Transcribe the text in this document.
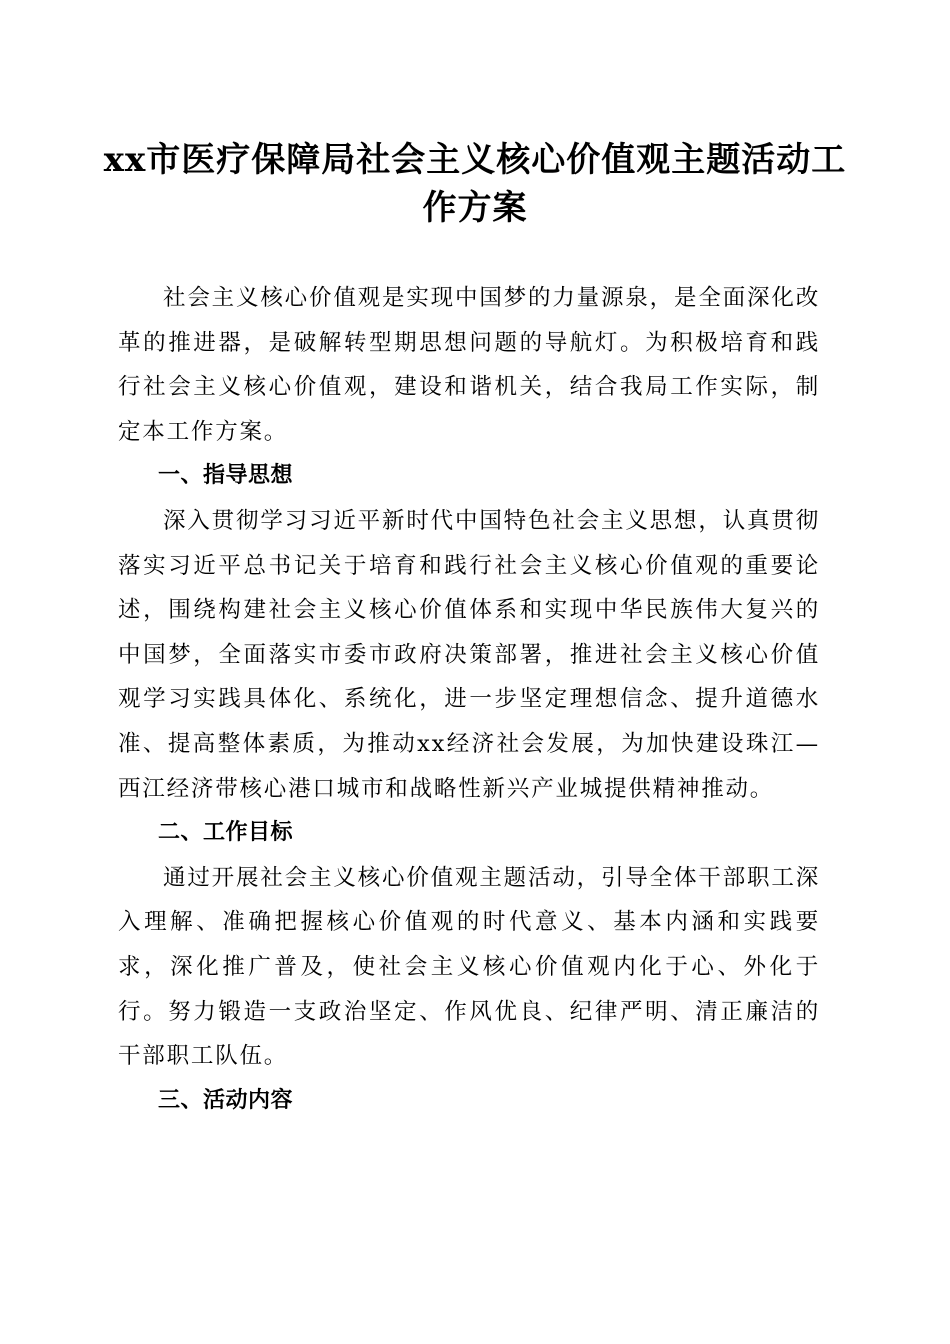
xx市医疗保障局社会主义核心价值观主题活动工作方案

社会主义核心价值观是实现中国梦的力量源泉，是全面深化改革的推进器，是破解转型期思想问题的导航灯。为积极培育和践行社会主义核心价值观，建设和谐机关，结合我局工作实际，制定本工作方案。

一、指导思想

深入贯彻学习习近平新时代中国特色社会主义思想，认真贯彻落实习近平总书记关于培育和践行社会主义核心价值观的重要论述，围绕构建社会主义核心价值体系和实现中华民族伟大复兴的中国梦，全面落实市委市政府决策部署，推进社会主义核心价值观学习实践具体化、系统化，进一步坚定理想信念、提升道德水准、提高整体素质，为推动xx经济社会发展，为加快建设珠江—西江经济带核心港口城市和战略性新兴产业城提供精神推动。

二、工作目标

通过开展社会主义核心价值观主题活动，引导全体干部职工深入理解、准确把握核心价值观的时代意义、基本内涵和实践要求，深化推广普及，使社会主义核心价值观内化于心、外化于行。努力锻造一支政治坚定、作风优良、纪律严明、清正廉洁的干部职工队伍。

三、活动内容
